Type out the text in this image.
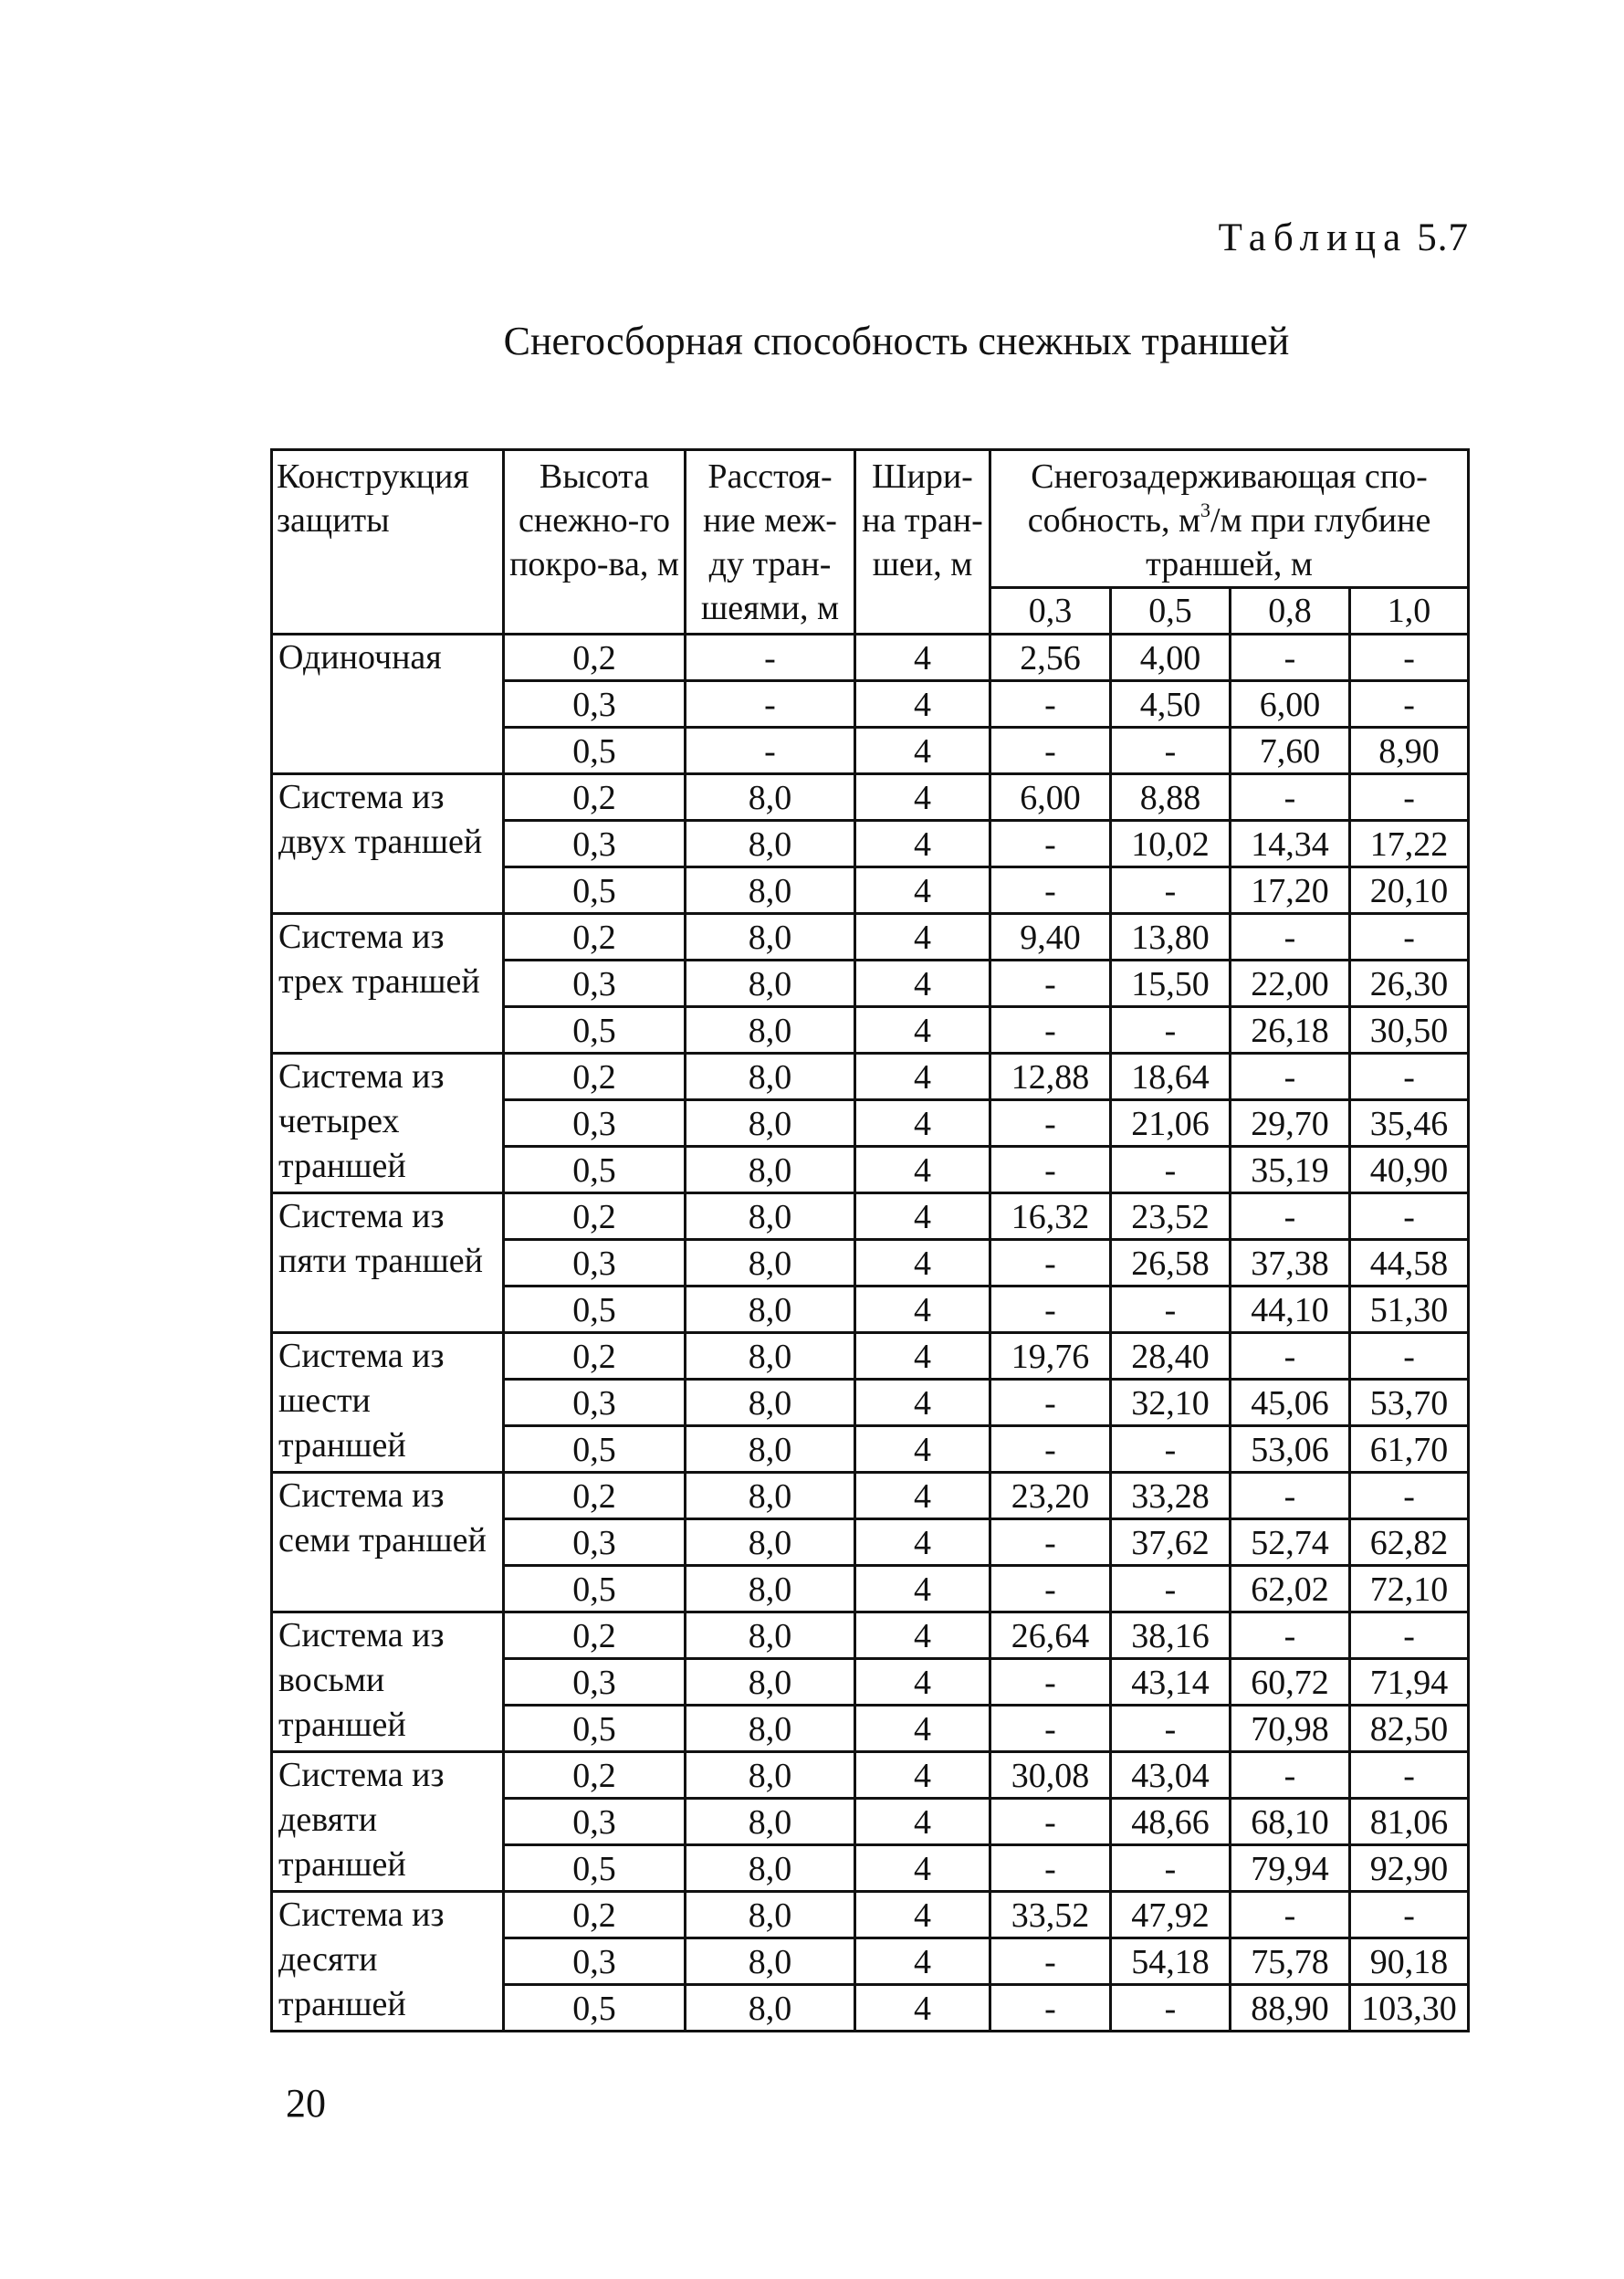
Таблица 5.7
Снегосборная способность снежных траншей
Конструкция защиты	Высота снежно-го покро-ва, м	Расстоя-ние меж-ду тран-шеями, м	Шири-на тран-шеи, м	Снегозадерживающая спо-собность, $м^3/м$ при глубине траншей, м			
				0,3	0,5	0,8	1,0
Одиночная	0,2	-	4	2,56	4,00	-	-
	0,3	-	4	-	4,50	6,00	-
	0,5	-	4	-	-	7,60	8,90
Система из двух траншей	0,2	8,0	4	6,00	8,88	-	-
	0,3	8,0	4	-	10,02	14,34	17,22
	0,5	8,0	4	-	-	17,20	20,10
Система из трех траншей	0,2	8,0	4	9,40	13,80	-	-
	0,3	8,0	4	-	15,50	22,00	26,30
	0,5	8,0	4	-	-	26,18	30,50
Система из четырех траншей	0,2	8,0	4	12,88	18,64	-	-
	0,3	8,0	4	-	21,06	29,70	35,46
	0,5	8,0	4	-	-	35,19	40,90
Система из пяти траншей	0,2	8,0	4	16,32	23,52	-	-
	0,3	8,0	4	-	26,58	37,38	44,58
	0,5	8,0	4	-	-	44,10	51,30
Система из шести траншей	0,2	8,0	4	19,76	28,40	-	-
	0,3	8,0	4	-	32,10	45,06	53,70
	0,5	8,0	4	-	-	53,06	61,70
Система из семи траншей	0,2	8,0	4	23,20	33,28	-	-
	0,3	8,0	4	-	37,62	52,74	62,82
	0,5	8,0	4	-	-	62,02	72,10
Система из восьми траншей	0,2	8,0	4	26,64	38,16	-	-
	0,3	8,0	4	-	43,14	60,72	71,94
	0,5	8,0	4	-	-	70,98	82,50
Система из девяти траншей	0,2	8,0	4	30,08	43,04	-	-
	0,3	8,0	4	-	48,66	68,10	81,06
	0,5	8,0	4	-	-	79,94	92,90
Система из десяти траншей	0,2	8,0	4	33,52	47,92	-	-
	0,3	8,0	4	-	54,18	75,78	90,18
	0,5	8,0	4	-	-	88,90	103,30
20
